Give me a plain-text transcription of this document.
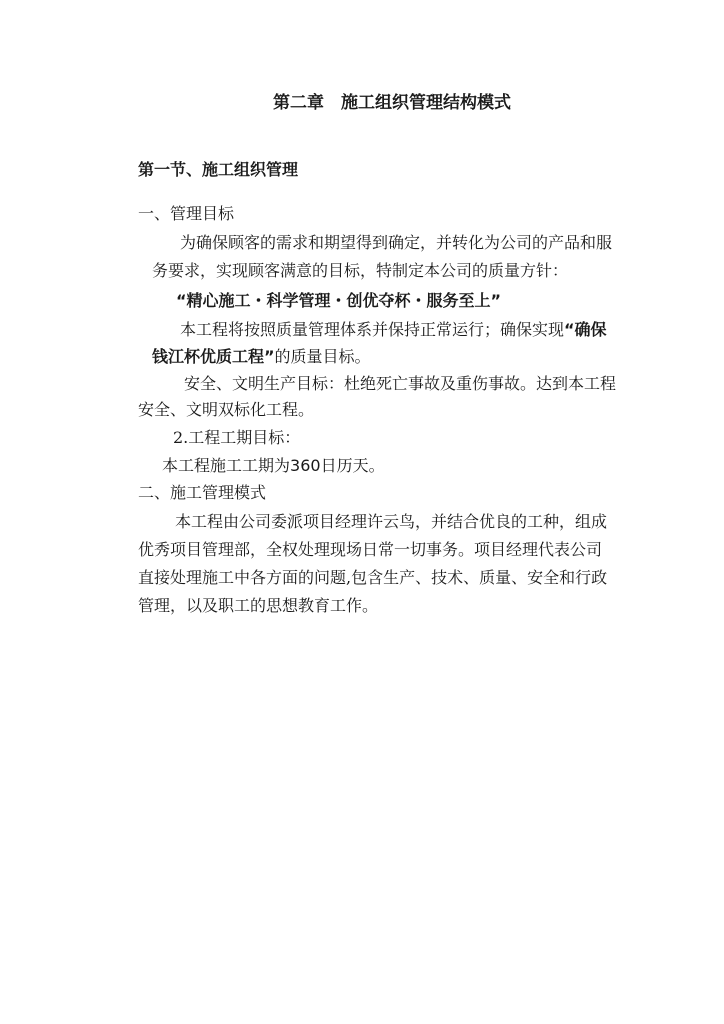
第二章　施工组织管理结构模式
第一节、施工组织管理
一、管理目标
为确保顾客的需求和期望得到确定，并转化为公司的产品和服
务要求，实现顾客满意的目标，特制定本公司的质量方针：
“精心施工・科学管理・创优夺杯・服务至上”
本工程将按照质量管理体系并保持正常运行；确保实现“确保
钱江杯优质工程”的质量目标。
安全、文明生产目标：杜绝死亡事故及重伤事故。达到本工程
安全、文明双标化工程。
2.工程工期目标：
本工程施工工期为360日历天。
二、施工管理模式
本工程由公司委派项目经理许云鸟，并结合优良的工种，组成
优秀项目管理部，全权处理现场日常一切事务。项目经理代表公司
直接处理施工中各方面的问题,包含生产、技术、质量、安全和行政
管理，以及职工的思想教育工作。
